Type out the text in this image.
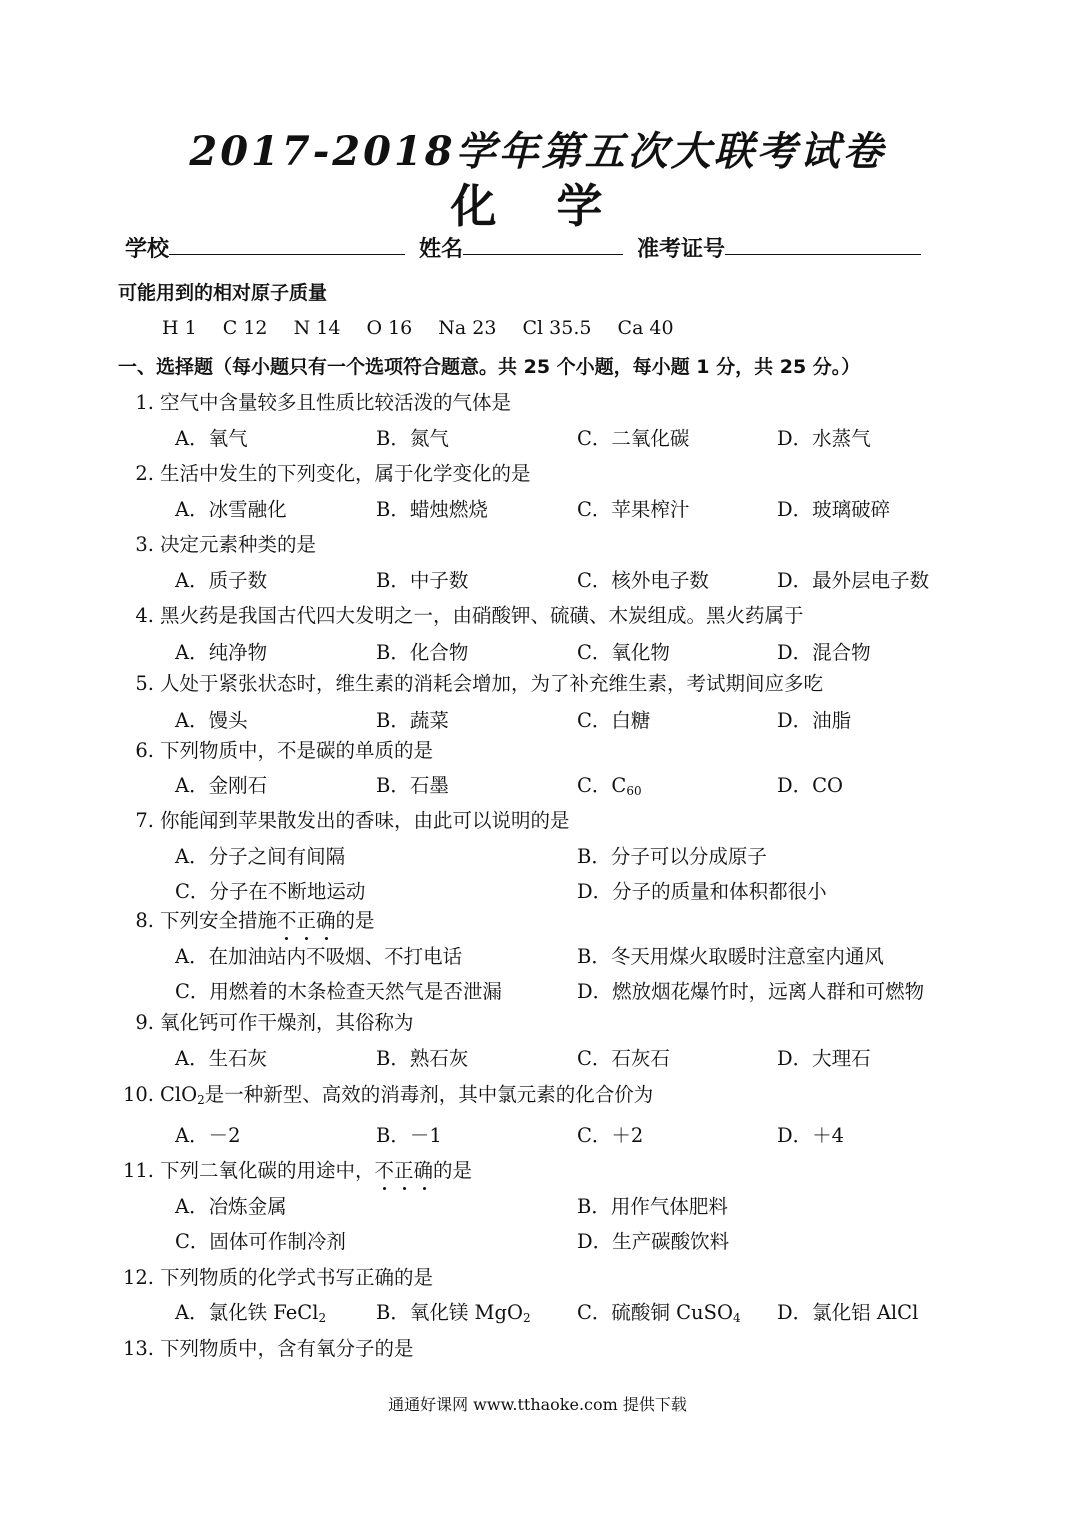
2017-2018学年第五次大联考试卷
化 学
学校	姓名	准考证号
可能用到的相对原子质量
H 1 C 12 N 14 O 16 Na 23 Cl 35.5 Ca 40
一、选择题（每小题只有一个选项符合题意。共 25 个小题，每小题 1 分，共 25 分。）
1. 空气中含量较多且性质比较活泼的气体是
A．氧气	B．氮气	C．二氧化碳	D．水蒸气
2. 生活中发生的下列变化，属于化学变化的是
A．冰雪融化	B．蜡烛燃烧	C．苹果榨汁	D．玻璃破碎
3. 决定元素种类的是
A．质子数	B．中子数	C．核外电子数	D．最外层电子数
4. 黑火药是我国古代四大发明之一，由硝酸钾、硫磺、木炭组成。黑火药属于
A．纯净物	B．化合物	C．氧化物	D．混合物
5. 人处于紧张状态时，维生素的消耗会增加，为了补充维生素，考试期间应多吃
A．馒头	B．蔬菜	C．白糖	D．油脂
6. 下列物质中，不是碳的单质的是
A．金刚石	B．石墨	C．$C_{60}$	D．CO
7. 你能闻到苹果散发出的香味，由此可以说明的是
A．分子之间有间隔	B．分子可以分成原子
C．分子在不断地运动	D．分子的质量和体积都很小
8. 下列安全措施不正确
的是
A．在加油站内不吸烟、不打电话	B．冬天用煤火取暖时注意室内通风
C．用燃着的木条检查天然气是否泄漏	D．燃放烟花爆竹时，远离人群和可燃物
9. 氧化钙可作干燥剂，其俗称为
A．生石灰	B．熟石灰	C．石灰石	D．大理石
10. ClO$_2$是一种新型、高效的消毒剂，其中氯元素的化合价为
A．－2	B．－1	C．＋2	D．＋4
11. 下列二氧化碳的用途中，不正确
的是
A．冶炼金属	B．用作气体肥料
C．固体可作制冷剂	D．生产碳酸饮料
12. 下列物质的化学式书写正确的是
A．氯化铁 FeCl$_2$	B．氧化镁 MgO$_2$ C．硫酸铜 CuSO$_4$ D．氯化铝 AlCl
13. 下列物质中，含有氧分子的是
通通好课网 www.tthaoke.com 提供下载
